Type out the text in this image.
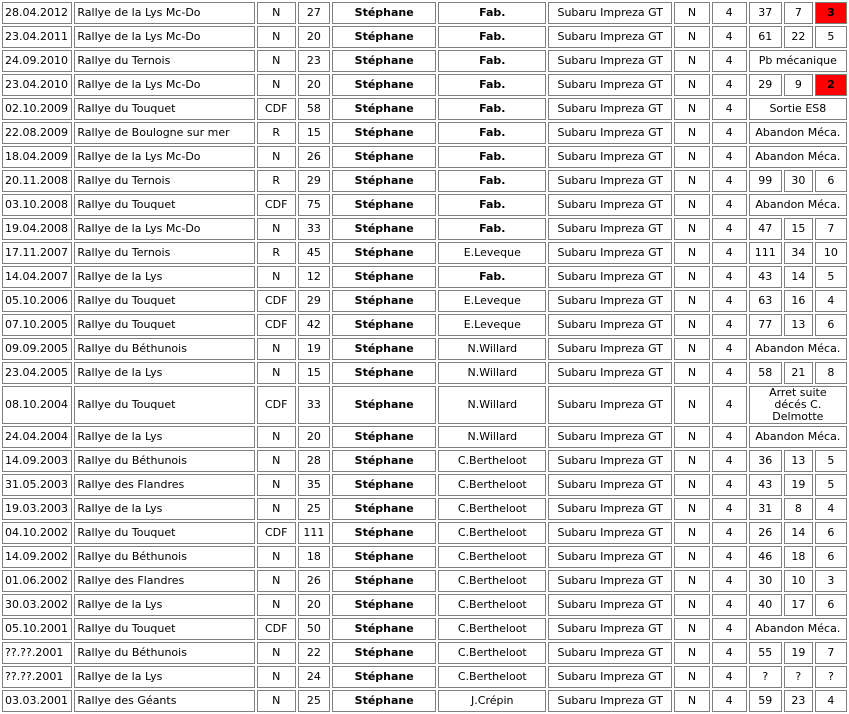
28.04.2012	Rallye de la Lys Mc-Do	N	27	Stéphane	Fab.	Subaru Impreza GT	N	4	37	7	3
23.04.2011	Rallye de la Lys Mc-Do	N	20	Stéphane	Fab.	Subaru Impreza GT	N	4	61	22	5
24.09.2010	Rallye du Ternois	N	23	Stéphane	Fab.	Subaru Impreza GT	N	4	Pb mécanique		
23.04.2010	Rallye de la Lys Mc-Do	N	20	Stéphane	Fab.	Subaru Impreza GT	N	4	29	9	2
02.10.2009	Rallye du Touquet	CDF	58	Stéphane	Fab.	Subaru Impreza GT	N	4	Sortie ES8		
22.08.2009	Rallye de Boulogne sur mer	R	15	Stéphane	Fab.	Subaru Impreza GT	N	4	Abandon Méca.		
18.04.2009	Rallye de la Lys Mc-Do	N	26	Stéphane	Fab.	Subaru Impreza GT	N	4	Abandon Méca.		
20.11.2008	Rallye du Ternois	R	29	Stéphane	Fab.	Subaru Impreza GT	N	4	99	30	6
03.10.2008	Rallye du Touquet	CDF	75	Stéphane	Fab.	Subaru Impreza GT	N	4	Abandon Méca.		
19.04.2008	Rallye de la Lys Mc-Do	N	33	Stéphane	Fab.	Subaru Impreza GT	N	4	47	15	7
17.11.2007	Rallye du Ternois	R	45	Stéphane	E.Leveque	Subaru Impreza GT	N	4	111	34	10
14.04.2007	Rallye de la Lys	N	12	Stéphane	Fab.	Subaru Impreza GT	N	4	43	14	5
05.10.2006	Rallye du Touquet	CDF	29	Stéphane	E.Leveque	Subaru Impreza GT	N	4	63	16	4
07.10.2005	Rallye du Touquet	CDF	42	Stéphane	E.Leveque	Subaru Impreza GT	N	4	77	13	6
09.09.2005	Rallye du Béthunois	N	19	Stéphane	N.Willard	Subaru Impreza GT	N	4	Abandon Méca.		
23.04.2005	Rallye de la Lys	N	15	Stéphane	N.Willard	Subaru Impreza GT	N	4	58	21	8
08.10.2004	Rallye du Touquet	CDF	33	Stéphane	N.Willard	Subaru Impreza GT	N	4	Arret suite décés C. Delmotte		
24.04.2004	Rallye de la Lys	N	20	Stéphane	N.Willard	Subaru Impreza GT	N	4	Abandon Méca.		
14.09.2003	Rallye du Béthunois	N	28	Stéphane	C.Bertheloot	Subaru Impreza GT	N	4	36	13	5
31.05.2003	Rallye des Flandres	N	35	Stéphane	C.Bertheloot	Subaru Impreza GT	N	4	43	19	5
19.03.2003	Rallye de la Lys	N	25	Stéphane	C.Bertheloot	Subaru Impreza GT	N	4	31	8	4
04.10.2002	Rallye du Touquet	CDF	111	Stéphane	C.Bertheloot	Subaru Impreza GT	N	4	26	14	6
14.09.2002	Rallye du Béthunois	N	18	Stéphane	C.Bertheloot	Subaru Impreza GT	N	4	46	18	6
01.06.2002	Rallye des Flandres	N	26	Stéphane	C.Bertheloot	Subaru Impreza GT	N	4	30	10	3
30.03.2002	Rallye de la Lys	N	20	Stéphane	C.Bertheloot	Subaru Impreza GT	N	4	40	17	6
05.10.2001	Rallye du Touquet	CDF	50	Stéphane	C.Bertheloot	Subaru Impreza GT	N	4	Abandon Méca.		
??.??.2001	Rallye du Béthunois	N	22	Stéphane	C.Bertheloot	Subaru Impreza GT	N	4	55	19	7
??.??.2001	Rallye de la Lys	N	24	Stéphane	C.Bertheloot	Subaru Impreza GT	N	4	?	?	?
03.03.2001	Rallye des Géants	N	25	Stéphane	J.Crépin	Subaru Impreza GT	N	4	59	23	4
